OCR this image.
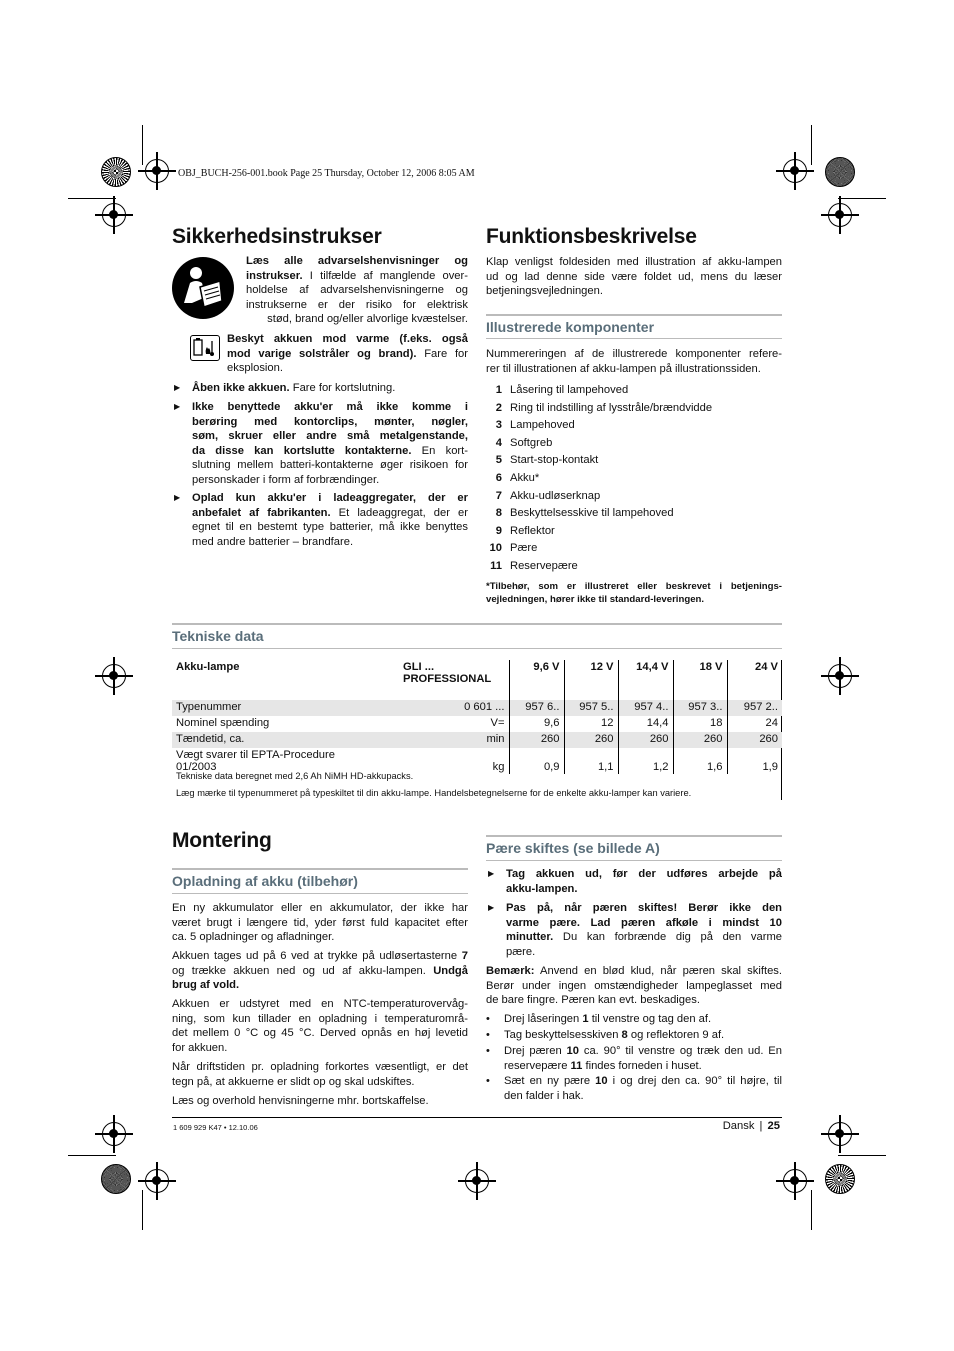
OBJ_BUCH-256-001.book Page 25 Thursday, October 12, 2006 8:05 AM
Sikkerhedsinstrukser
Læs alle advarselshenvisninger og
instrukser. I tilfælde af manglende over-
holdelse af advarselshenvisningerne og
instrukserne er der risiko for elektrisk
stød, brand og/eller alvorlige kvæstelser.
Beskyt akkuen mod varme (f.eks. også
mod varige solstråler og brand). Fare for
eksplosion.
▶ Åben ikke akkuen. Fare for kortslutning.
▶ Ikke benyttede akku'er må ikke komme i
berøring med kontorclips, mønter, nøgler,
søm, skruer eller andre små metalgenstande,
da disse kan kortslutte kontakterne. En kort-
slutning mellem batteri-kontakterne øger risikoen for
personskader i form af forbrændinger.
▶ Oplad kun akku'er i ladeaggregater, der er
anbefalet af fabrikanten. Et ladeaggregat, der er
egnet til en bestemt type batterier, må ikke benyttes
med andre batterier – brandfare.
Funktionsbeskrivelse
Klap venligst foldesiden med illustration af akku-lampen
ud og lad denne side være foldet ud, mens du læser
betjeningsvejledningen.
Illustrerede komponenter
Nummereringen af de illustrerede komponenter refere-
rer til illustrationen af akku-lampen på illustrationssiden.
1 Låsering til lampehoved
2 Ring til indstilling af lysstråle/brændvidde
3 Lampehoved
4 Softgreb
5 Start-stop-kontakt
6 Akku*
7 Akku-udløserknap
8 Beskyttelsesskive til lampehoved
9 Reflektor
10 Pære
11 Reservepære
*Tilbehør, som er illustreret eller beskrevet i betjenings-
vejledningen, hører ikke til standard-leveringen.
Tekniske data
Akku-lampe	GLI ...
PROFESSIONAL	9,6 V	12 V	14,4 V	18 V	24 V

Typenummer	0 601 ...	957 6..	957 5..	957 4..	957 3..	957 2..
Nominel spænding	V=	9,6	12	14,4	18	24
Tændetid, ca.	min	260	260	260	260	260

Vægt svarer til EPTA-Procedure
01/2003	kg	0,9	1,1	1,2	1,6	1,9
Tekniske data beregnet med 2,6 Ah NiMH HD-akkupacks.
Læg mærke til typenummeret på typeskiltet til din akku-lampe. Handelsbetegnelserne for de enkelte akku-lamper kan variere.
Montering
Opladning af akku (tilbehør)
En ny akkumulator eller en akkumulator, der ikke har
været brugt i længere tid, yder først fuld kapacitet efter
ca. 5 opladninger og afladninger.
Akkuen tages ud på 6 ved at trykke på udløsertasterne 7
og trække akkuen ned og ud af akku-lampen. Undgå
brug af vold.
Akkuen er udstyret med en NTC-temperaturovervåg-
ning, som kun tillader en opladning i temperaturområ-
det mellem 0 °C og 45 °C. Derved opnås en høj levetid
for akkuen.
Når driftstiden pr. opladning forkortes væsentligt, er det
tegn på, at akkuerne er slidt op og skal udskiftes.
Læs og overhold henvisningerne mhr. bortskaffelse.
Pære skiftes (se billede A)
▶ Tag akkuen ud, før der udføres arbejde på
akku-lampen.
▶ Pas på, når pæren skiftes! Berør ikke den
varme pære. Lad pæren afkøle i mindst 10
minutter. Du kan forbrænde dig på den varme
pære.
Bemærk: Anvend en blød klud, når pæren skal skiftes.
Berør under ingen omstændigheder lampeglasset med
de bare fingre. Pæren kan evt. beskadiges.
• Drej låseringen 1 til venstre og tag den af.
• Tag beskyttelsesskiven 8 og reflektoren 9 af.
• Drej pæren 10 ca. 90° til venstre og træk den ud. En
reservepære 11 findes forneden i huset.
• Sæt en ny pære 10 i og drej den ca. 90° til højre, til
den falder i hak.
1 609 929 K47 • 12.10.06	Dansk | 25
